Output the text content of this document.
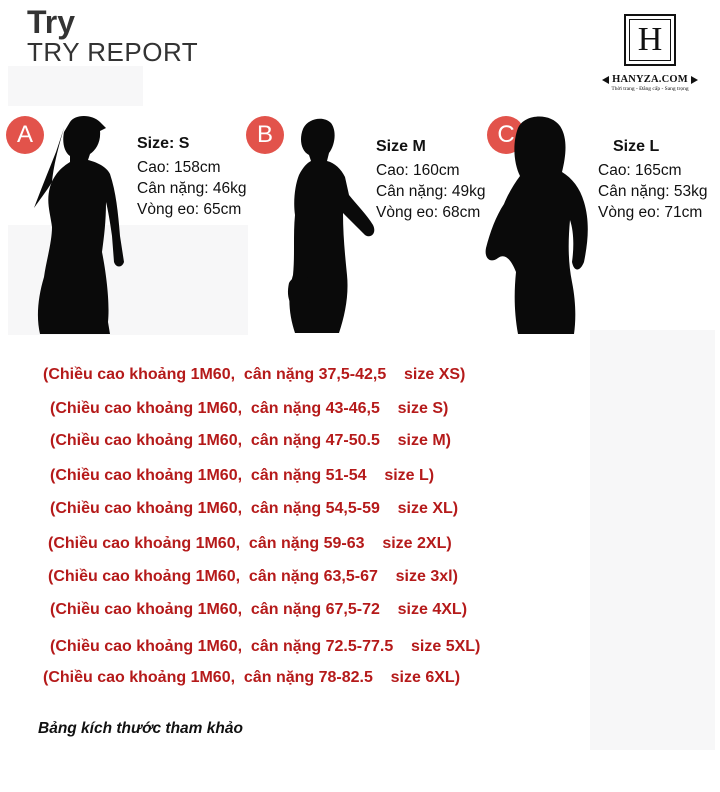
Try
TRY REPORT	H
HANYZA.COM
Thời trang - Đẳng cấp - Sang trọng
A	Size: S
Cao: 158cm
Cân nặng: 46kg
Vòng eo: 65cm
B	Size M
Cao: 160cm
Cân nặng: 49kg
Vòng eo: 68cm
C	Size L
Cao: 165cm
Cân nặng: 53kg
Vòng eo: 71cm
(Chiều cao khoảng 1M60,  cân nặng 37,5-42,5    size XS)
(Chiều cao khoảng 1M60,  cân nặng 43-46,5    size S)
(Chiều cao khoảng 1M60,  cân nặng 47-50.5    size M)
(Chiều cao khoảng 1M60,  cân nặng 51-54    size L)
(Chiều cao khoảng 1M60,  cân nặng 54,5-59    size XL)
(Chiều cao khoảng 1M60,  cân nặng 59-63    size 2XL)
(Chiều cao khoảng 1M60,  cân nặng 63,5-67    size 3xl)
(Chiều cao khoảng 1M60,  cân nặng 67,5-72    size 4XL)
(Chiều cao khoảng 1M60,  cân nặng 72.5-77.5    size 5XL)
(Chiều cao khoảng 1M60,  cân nặng 78-82.5    size 6XL)
Bảng kích thước tham khảo
